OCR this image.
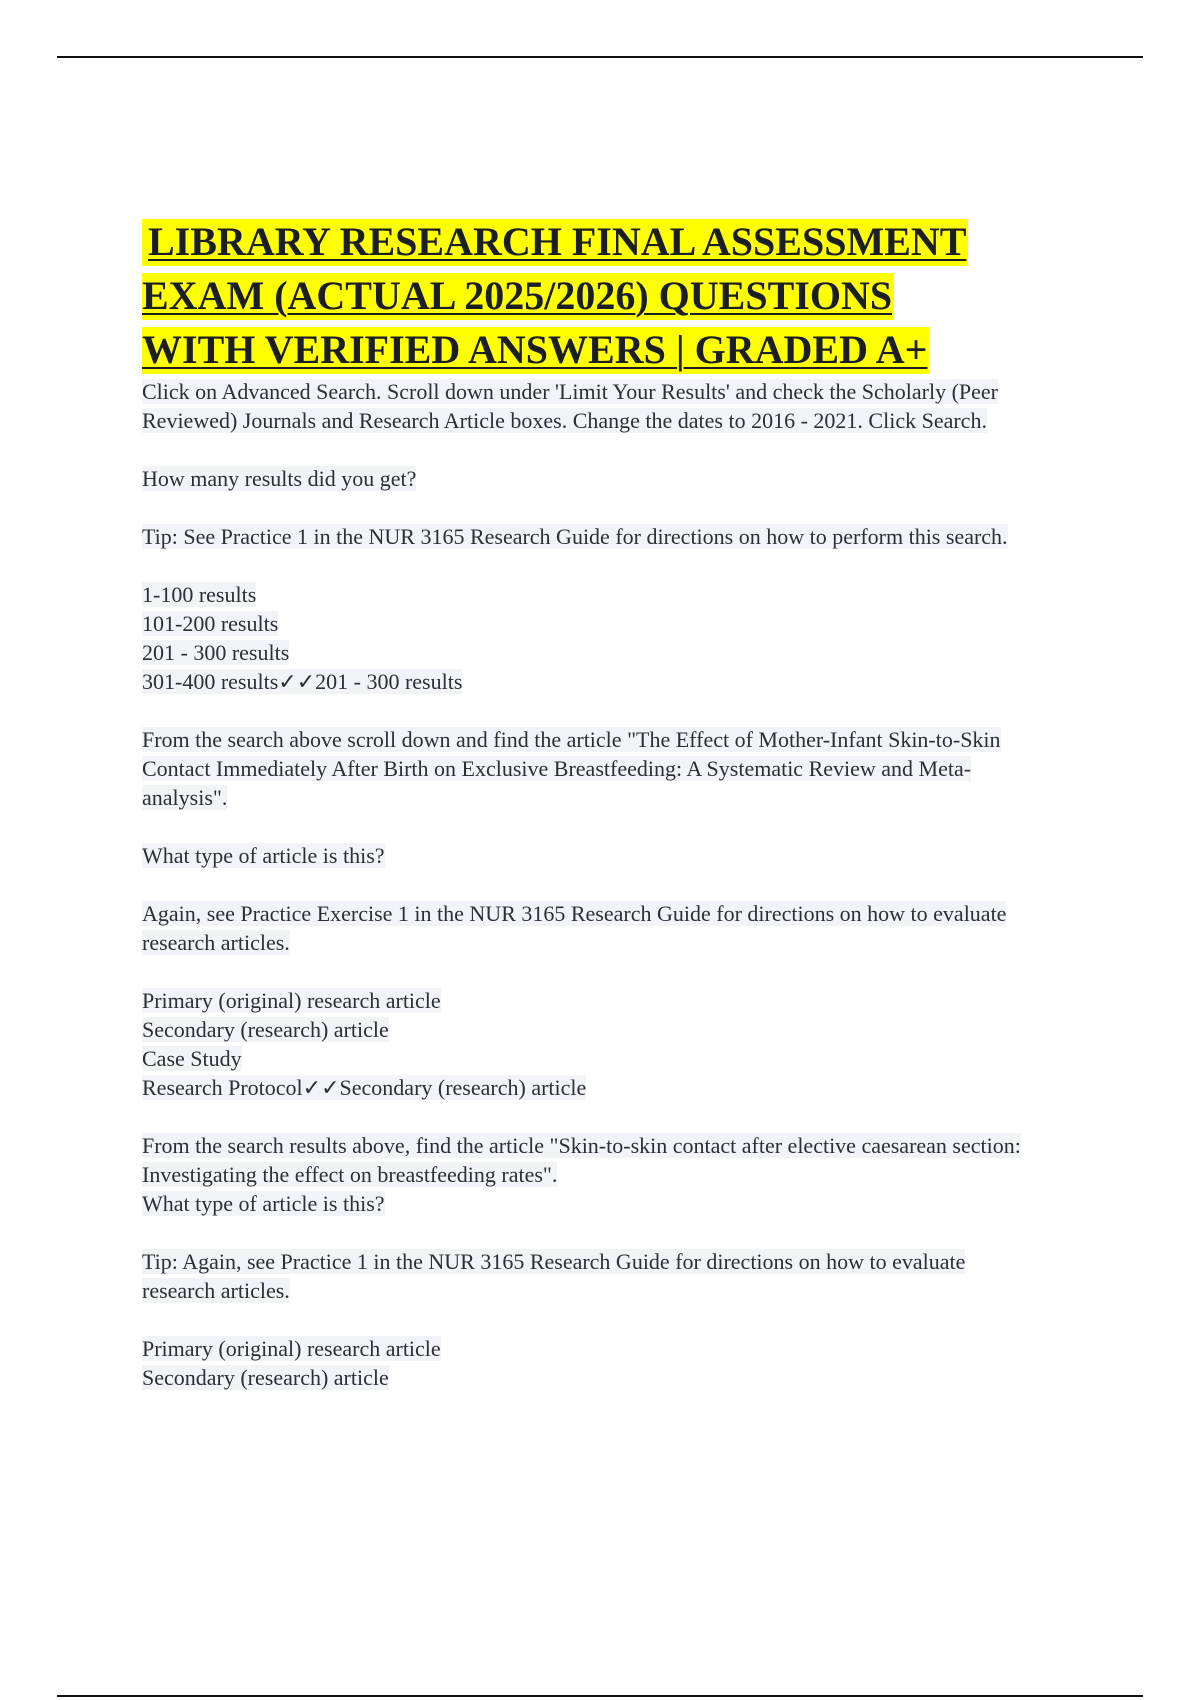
LIBRARY RESEARCH FINAL ASSESSMENT
EXAM (ACTUAL 2025/2026) QUESTIONS
WITH VERIFIED ANSWERS | GRADED A+

Click on Advanced Search. Scroll down under 'Limit Your Results' and check the Scholarly (Peer Reviewed) Journals and Research Article boxes. Change the dates to 2016 - 2021. Click Search.

How many results did you get?

Tip: See Practice 1 in the NUR 3165 Research Guide for directions on how to perform this search.

1-100 results
101-200 results
201 - 300 results
301-400 results✓✓201 - 300 results

From the search above scroll down and find the article "The Effect of Mother-Infant Skin-to-Skin Contact Immediately After Birth on Exclusive Breastfeeding: A Systematic Review and Meta-analysis".

What type of article is this?

Again, see Practice Exercise 1 in the NUR 3165 Research Guide for directions on how to evaluate research articles.

Primary (original) research article
Secondary (research) article
Case Study
Research Protocol✓✓Secondary (research) article

From the search results above, find the article "Skin-to-skin contact after elective caesarean section: Investigating the effect on breastfeeding rates".

What type of article is this?

Tip: Again, see Practice 1 in the NUR 3165 Research Guide for directions on how to evaluate research articles.

Primary (original) research article
Secondary (research) article
